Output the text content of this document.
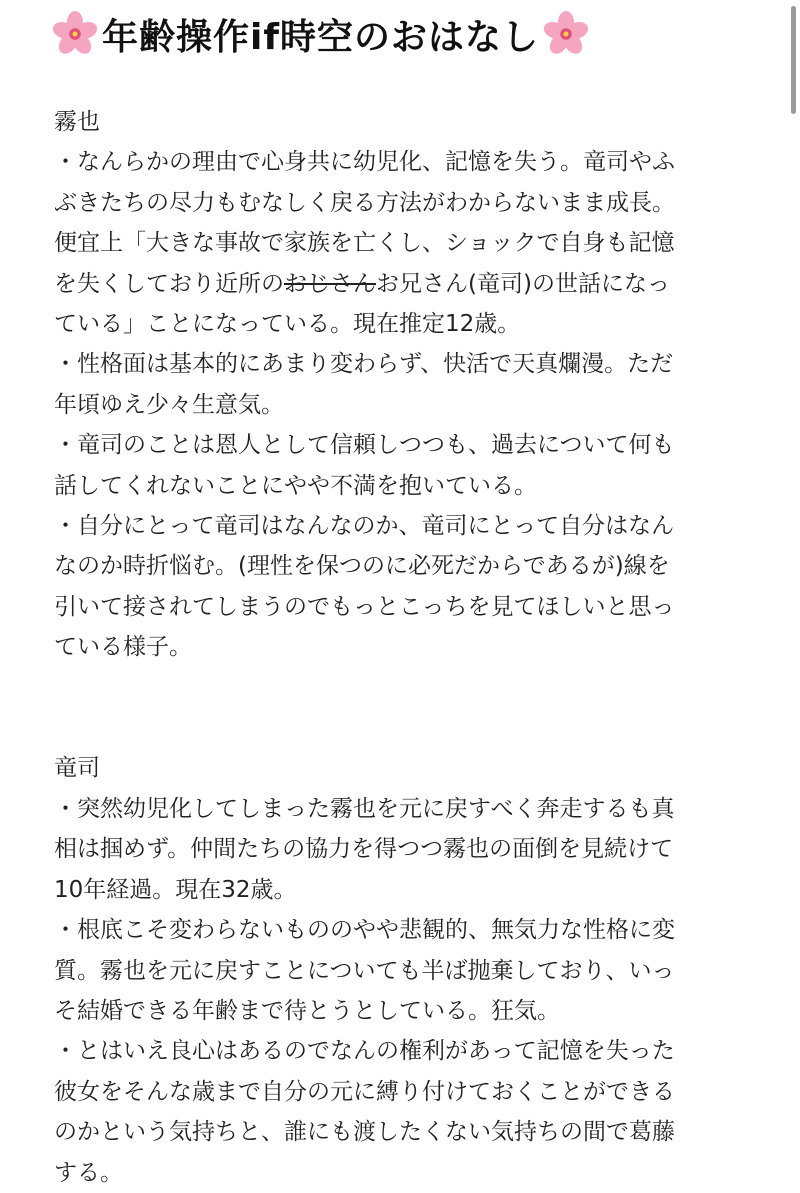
年齢操作if時空のおはなし
霧也
・なんらかの理由で心身共に幼児化、記憶を失う。竜司やふ
ぶきたちの尽力もむなしく戻る方法がわからないまま成長。
便宜上「大きな事故で家族を亡くし、ショックで自身も記憶
を失くしており近所のおじさんお兄さん(竜司)の世話になっ
ている」ことになっている。現在推定12歳。
・性格面は基本的にあまり変わらず、快活で天真爛漫。ただ
年頃ゆえ少々生意気。
・竜司のことは恩人として信頼しつつも、過去について何も
話してくれないことにやや不満を抱いている。
・自分にとって竜司はなんなのか、竜司にとって自分はなん
なのか時折悩む。(理性を保つのに必死だからであるが)線を
引いて接されてしまうのでもっとこっちを見てほしいと思っ
ている様子。
竜司
・突然幼児化してしまった霧也を元に戻すべく奔走するも真
相は掴めず。仲間たちの協力を得つつ霧也の面倒を見続けて
10年経過。現在32歳。
・根底こそ変わらないもののやや悲観的、無気力な性格に変
質。霧也を元に戻すことについても半ば抛棄しており、いっ
そ結婚できる年齢まで待とうとしている。狂気。
・とはいえ良心はあるのでなんの権利があって記憶を失った
彼女をそんな歳まで自分の元に縛り付けておくことができる
のかという気持ちと、誰にも渡したくない気持ちの間で葛藤
する。
